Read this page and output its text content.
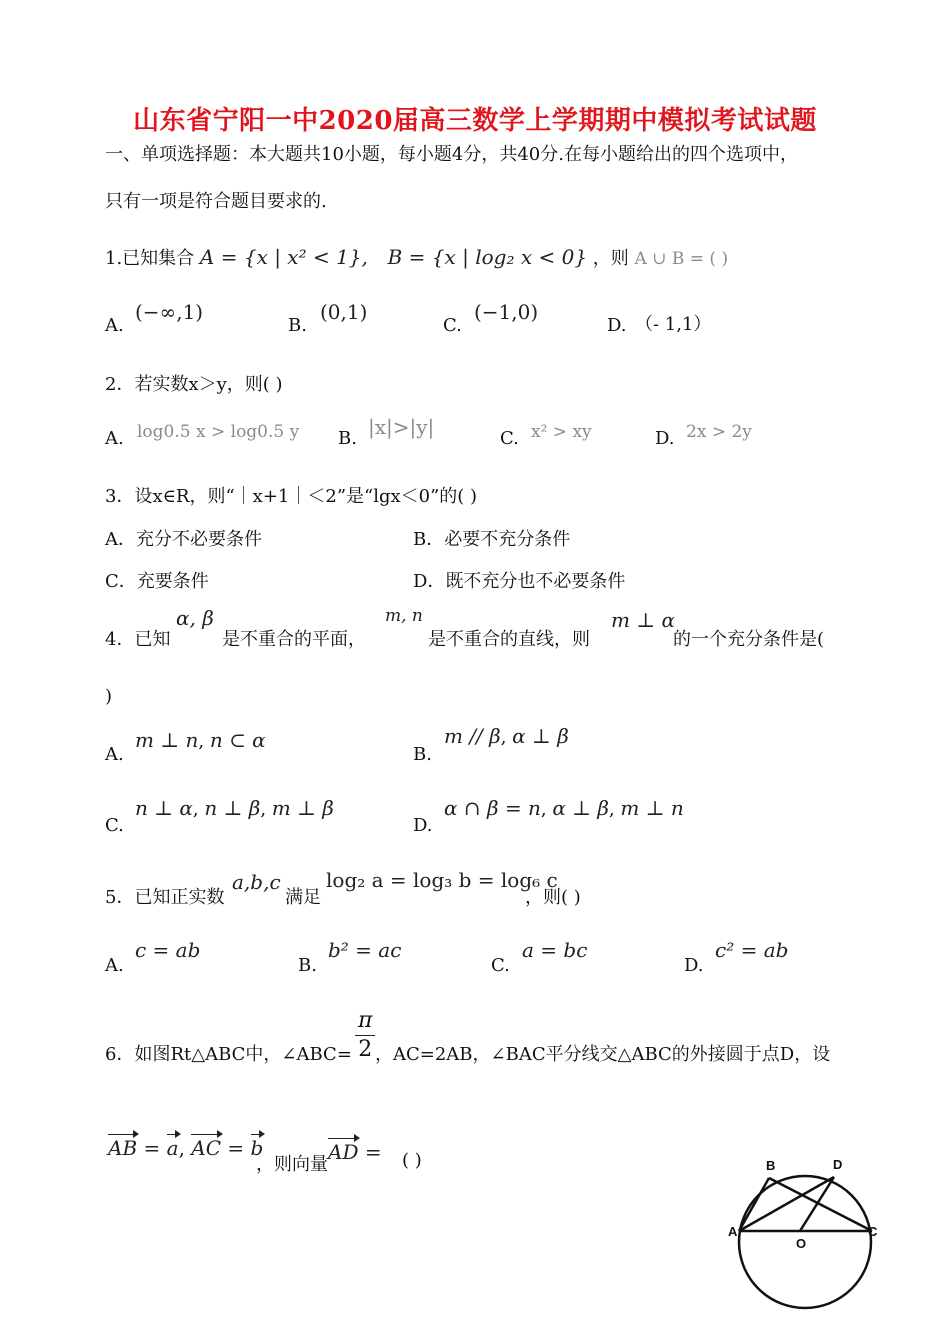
山东省宁阳一中2020届高三数学上学期期中模拟考试试题
一、单项选择题：本大题共10小题，每小题4分，共40分.在每小题给出的四个选项中，
只有一项是符合题目要求的.
1.已知集合 A = {x | x² < 1}, B = {x | log₂ x < 0} ，则 A ∪ B = ( )
A.
(−∞,1)
B.
(0,1)
C.
(−1,0)
D. （- 1,1）
2．若实数x＞y，则( )
A. log0.5 x > log0.5 y B. |x|>|y|	C. x² > xy	D. 2x > 2y
3．设x∈R，则“｜x+1｜＜2”是“lgx＜0”的( )
A．充分不必要条件	B．必要不充分条件
C．充要条件	D．既不充分也不必要条件
4．已知
α, β
是不重合的平面，
m, n
是不重合的直线，则
m ⊥ α
的一个充分条件是(
)
A.
m ⊥ n, n ⊂ α
B.
m // β, α ⊥ β
C.
n ⊥ α, n ⊥ β, m ⊥ β
D.
α ∩ β = n, α ⊥ β, m ⊥ n
5．已知正实数
a,b,c
满足
log₂ a = log₃ b = log₆ c
，则( )
A.
c = ab
B.
b² = ac
C.
a = bc
D.
c² = ab
6．如图Rt△ABC中，∠ABC= $\frac{\pi}{2}$ ，AC=2AB，∠BAC平分线交△ABC的外接圆于点D，设
AB = a, AC = b
，则向量
AD = ( )	B	D
A
O
C
